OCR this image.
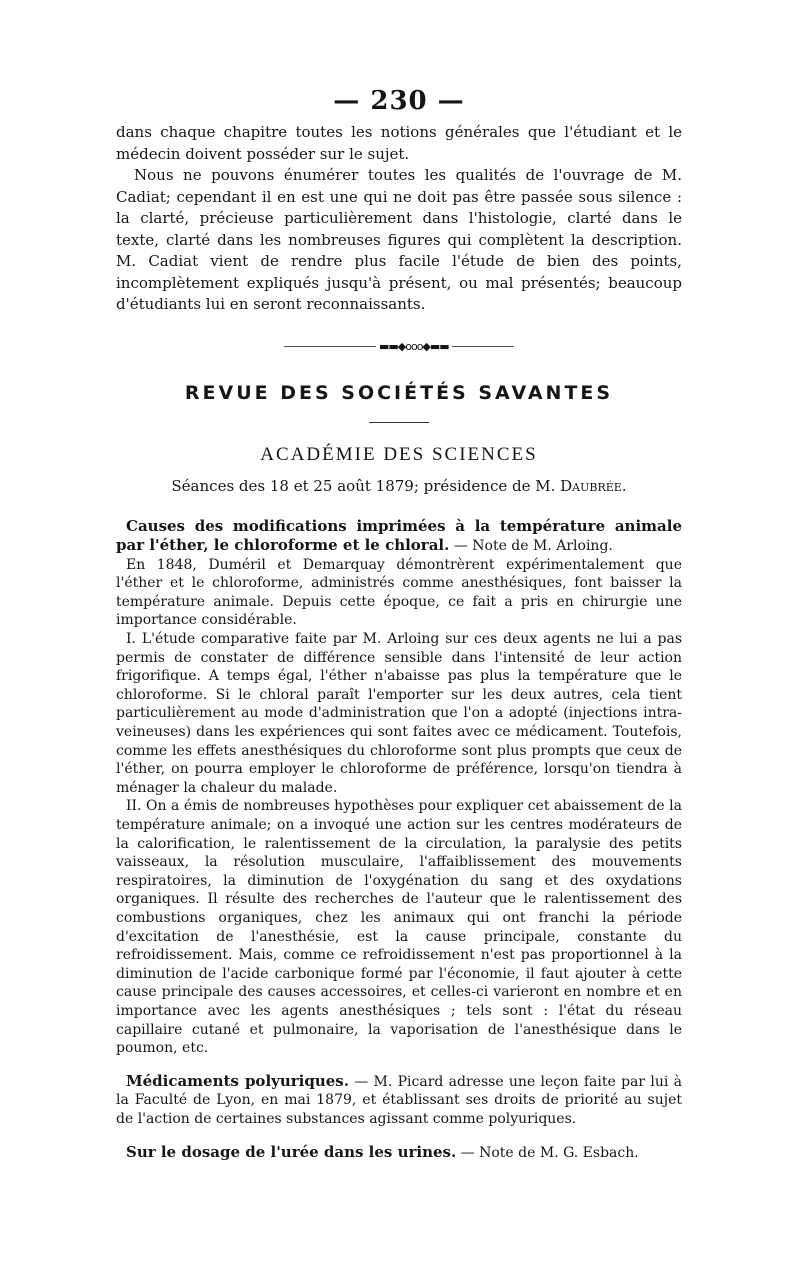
— 230 —

dans chaque chapitre toutes les notions générales que l'étudiant et le médecin doivent posséder sur le sujet.

Nous ne pouvons énumérer toutes les qualités de l'ouvrage de M. Cadiat; cependant il en est une qui ne doit pas être passée sous silence : la clarté, précieuse particulièrement dans l'histologie, clarté dans le texte, clarté dans les nombreuses figures qui complètent la description. M. Cadiat vient de rendre plus facile l'étude de bien des points, incomplètement expliqués jusqu'à présent, ou mal présentés; beaucoup d'étudiants lui en seront reconnaissants.

▬▬◆ooo◆▬▬
REVUE DES SOCIÉTÉS SAVANTES
ACADÉMIE DES SCIENCES
Séances des 18 et 25 août 1879; présidence de M. Daubrée.

Causes des modifications imprimées à la température animale par l'éther, le chloroforme et le chloral. — Note de M. Arloing.

En 1848, Duméril et Demarquay démontrèrent expérimentalement que l'éther et le chloroforme, administrés comme anesthésiques, font baisser la température animale. Depuis cette époque, ce fait a pris en chirurgie une importance considérable.

I. L'étude comparative faite par M. Arloing sur ces deux agents ne lui a pas permis de constater de différence sensible dans l'intensité de leur action frigorifique. A temps égal, l'éther n'abaisse pas plus la température que le chloroforme. Si le chloral paraît l'emporter sur les deux autres, cela tient particulièrement au mode d'administration que l'on a adopté (injections intra-veineuses) dans les expériences qui sont faites avec ce médicament. Toutefois, comme les effets anesthésiques du chloroforme sont plus prompts que ceux de l'éther, on pourra employer le chloroforme de préférence, lorsqu'on tiendra à ménager la chaleur du malade.

II. On a émis de nombreuses hypothèses pour expliquer cet abaissement de la température animale; on a invoqué une action sur les centres modérateurs de la calorification, le ralentissement de la circulation, la paralysie des petits vaisseaux, la résolution musculaire, l'affaiblissement des mouvements respiratoires, la diminution de l'oxygénation du sang et des oxydations organiques. Il résulte des recherches de l'auteur que le ralentissement des combustions organiques, chez les animaux qui ont franchi la période d'excitation de l'anesthésie, est la cause principale, constante du refroidissement. Mais, comme ce refroidissement n'est pas proportionnel à la diminution de l'acide carbonique formé par l'économie, il faut ajouter à cette cause principale des causes accessoires, et celles-ci varieront en nombre et en importance avec les agents anesthésiques ; tels sont : l'état du réseau capillaire cutané et pulmonaire, la vaporisation de l'anesthésique dans le poumon, etc.

Médicaments polyuriques. — M. Picard adresse une leçon faite par lui à la Faculté de Lyon, en mai 1879, et établissant ses droits de priorité au sujet de l'action de certaines substances agissant comme polyuriques.

Sur le dosage de l'urée dans les urines. — Note de M. G. Esbach.
